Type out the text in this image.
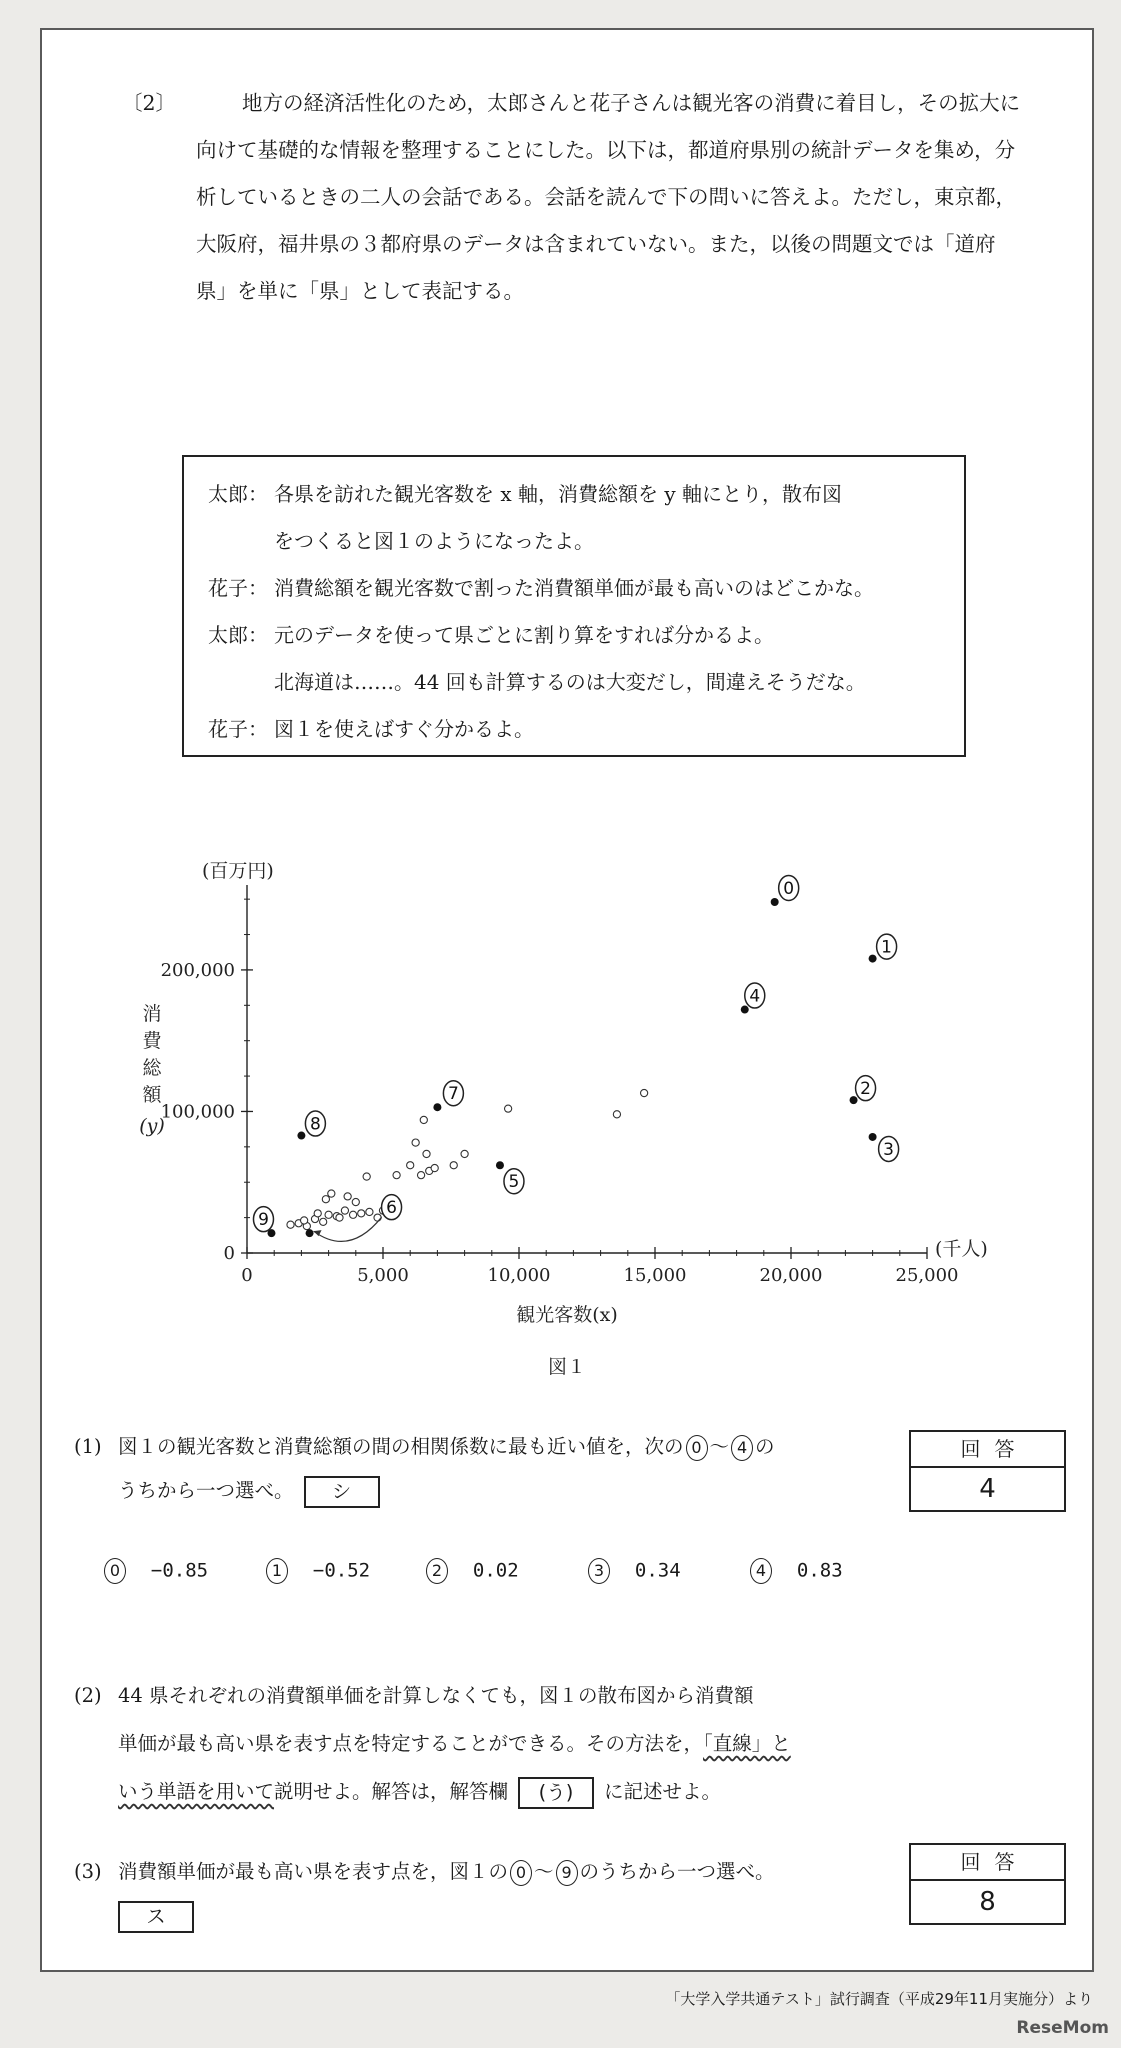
〔2〕	地方の経済活性化のため，太郎さんと花子さんは観光客の消費に着目し，その拡大に向けて基礎的な情報を整理することにした。以下は，都道府県別の統計データを集め，分析しているときの二人の会話である。会話を読んで下の問いに答えよ。ただし，東京都，大阪府，福井県の３都府県のデータは含まれていない。また，以後の問題文では「道府県」を単に「県」として表記する。
太郎： 各県を訪れた観光客数を x 軸，消費総額を y 軸にとり，散布図
をつくると図１のようになったよ。
花子： 消費総額を観光客数で割った消費額単価が最も高いのはどこかな。
太郎： 元のデータを使って県ごとに割り算をすれば分かるよ。
北海道は……。44 回も計算するのは大変だし，間違えそうだな。
花子： 図１を使えばすぐ分かるよ。
0	5,000	10,000	15,000	20,000	25,000
0
100,000
200,000
(百万円)
(千人)
消
費
総
額
(y)
観光客数(x)
図１
0
1
2
3
4
5
6
7
8
9
(1) 図１の観光客数と消費総額の間の相関係数に最も近い値を，次の 0 〜 4 の
うちから一つ選べ。 シ
回答
4
0 −0.85	1 −0.52	2 0.02	3 0.34	4 0.83
(2) 44 県それぞれの消費額単価を計算しなくても，図１の散布図から消費額
単価が最も高い県を表す点を特定することができる。その方法を，「直線」と
いう単語を用いて説明せよ。解答は，解答欄 (う) に記述せよ。
(3) 消費額単価が最も高い県を表す点を，図１の 0 〜 9 のうちから一つ選べ。
ス
回答
8
「大学入学共通テスト」試行調査（平成29年11月実施分）より
ReseMom
